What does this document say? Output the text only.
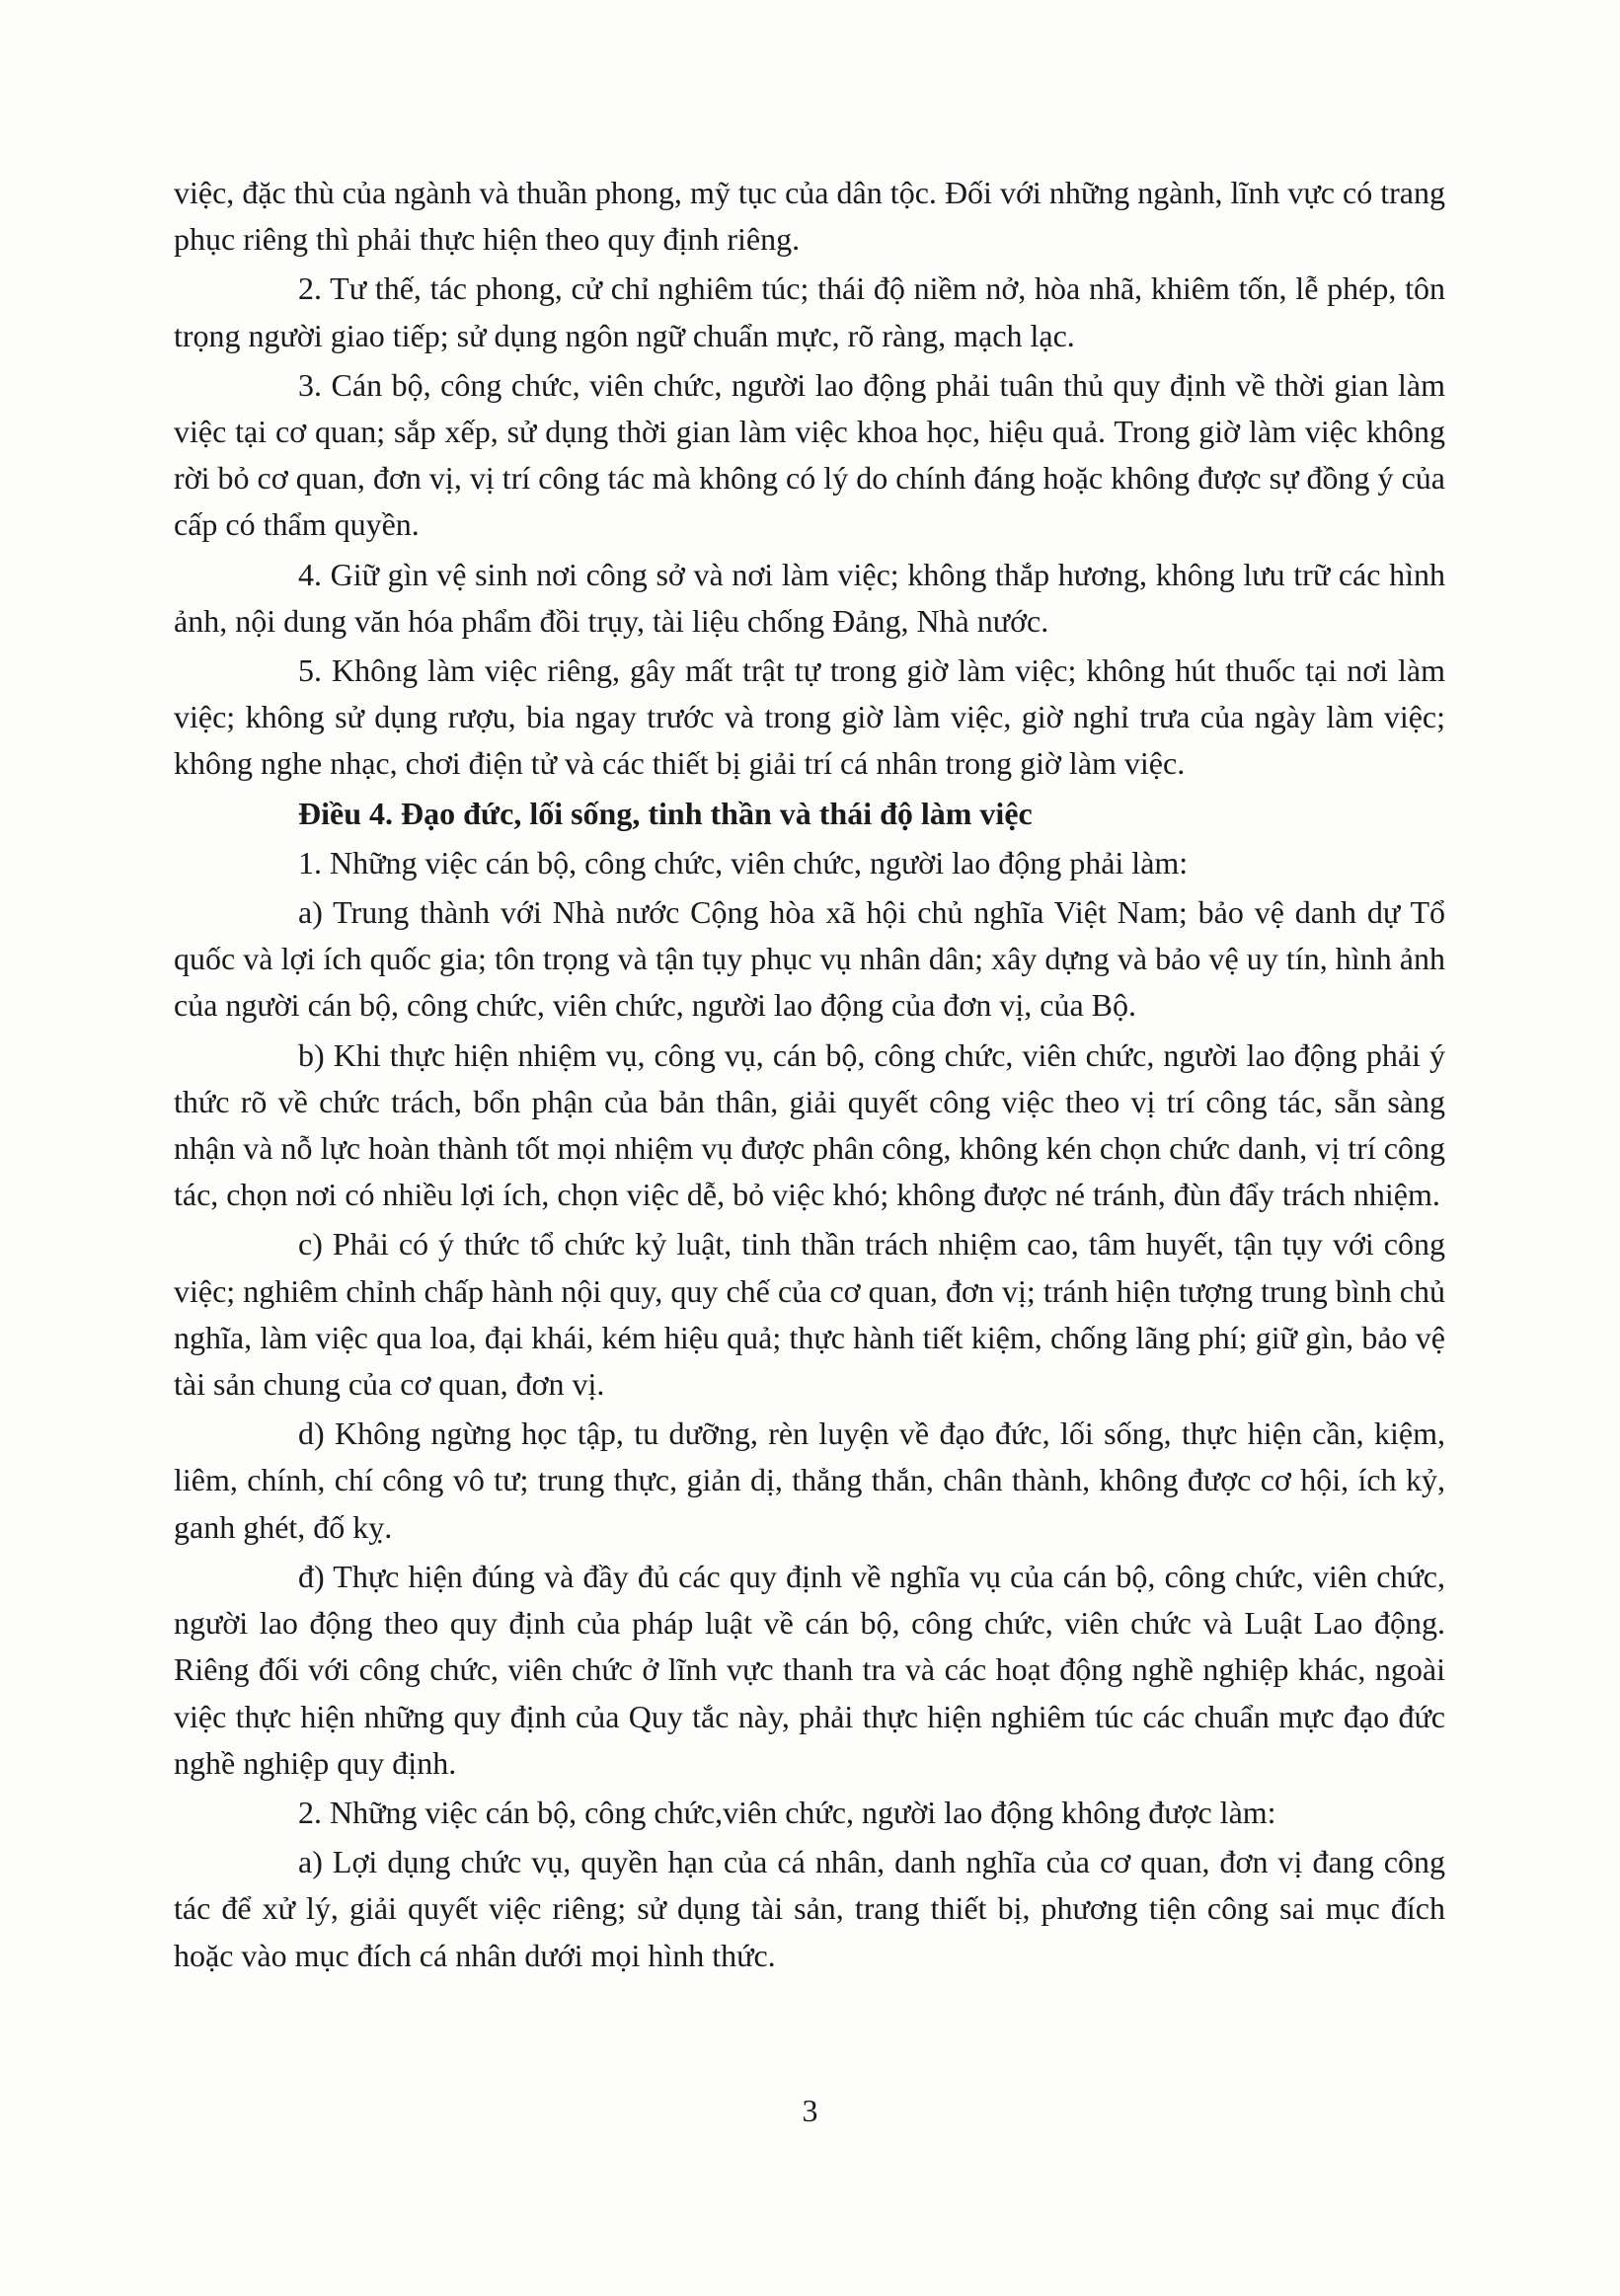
việc, đặc thù của ngành và thuần phong, mỹ tục của dân tộc. Đối với những ngành, lĩnh vực có trang phục riêng thì phải thực hiện theo quy định riêng.

2. Tư thế, tác phong, cử chỉ nghiêm túc; thái độ niềm nở, hòa nhã, khiêm tốn, lễ phép, tôn trọng người giao tiếp; sử dụng ngôn ngữ chuẩn mực, rõ ràng, mạch lạc.

3. Cán bộ, công chức, viên chức, người lao động phải tuân thủ quy định về thời gian làm việc tại cơ quan; sắp xếp, sử dụng thời gian làm việc khoa học, hiệu quả. Trong giờ làm việc không rời bỏ cơ quan, đơn vị, vị trí công tác mà không có lý do chính đáng hoặc không được sự đồng ý của cấp có thẩm quyền.

4. Giữ gìn vệ sinh nơi công sở và nơi làm việc; không thắp hương, không lưu trữ các hình ảnh, nội dung văn hóa phẩm đồi trụy, tài liệu chống Đảng, Nhà nước.

5. Không làm việc riêng, gây mất trật tự trong giờ làm việc; không hút thuốc tại nơi làm việc; không sử dụng rượu, bia ngay trước và trong giờ làm việc, giờ nghỉ trưa của ngày làm việc; không nghe nhạc, chơi điện tử và các thiết bị giải trí cá nhân trong giờ làm việc.

Điều 4. Đạo đức, lối sống, tinh thần và thái độ làm việc

1. Những việc cán bộ, công chức, viên chức, người lao động phải làm:

a) Trung thành với Nhà nước Cộng hòa xã hội chủ nghĩa Việt Nam; bảo vệ danh dự Tổ quốc và lợi ích quốc gia; tôn trọng và tận tụy phục vụ nhân dân; xây dựng và bảo vệ uy tín, hình ảnh của người cán bộ, công chức, viên chức, người lao động của đơn vị, của Bộ.

b) Khi thực hiện nhiệm vụ, công vụ, cán bộ, công chức, viên chức, người lao động phải ý thức rõ về chức trách, bổn phận của bản thân, giải quyết công việc theo vị trí công tác, sẵn sàng nhận và nỗ lực hoàn thành tốt mọi nhiệm vụ được phân công, không kén chọn chức danh, vị trí công tác, chọn nơi có nhiều lợi ích, chọn việc dễ, bỏ việc khó; không được né tránh, đùn đẩy trách nhiệm.

c) Phải có ý thức tổ chức kỷ luật, tinh thần trách nhiệm cao, tâm huyết, tận tụy với công việc; nghiêm chỉnh chấp hành nội quy, quy chế của cơ quan, đơn vị; tránh hiện tượng trung bình chủ nghĩa, làm việc qua loa, đại khái, kém hiệu quả; thực hành tiết kiệm, chống lãng phí; giữ gìn, bảo vệ tài sản chung của cơ quan, đơn vị.

d) Không ngừng học tập, tu dưỡng, rèn luyện về đạo đức, lối sống, thực hiện cần, kiệm, liêm, chính, chí công vô tư; trung thực, giản dị, thẳng thắn, chân thành, không được cơ hội, ích kỷ, ganh ghét, đố kỵ.

đ) Thực hiện đúng và đầy đủ các quy định về nghĩa vụ của cán bộ, công chức, viên chức, người lao động theo quy định của pháp luật về cán bộ, công chức, viên chức và Luật Lao động. Riêng đối với công chức, viên chức ở lĩnh vực thanh tra và các hoạt động nghề nghiệp khác, ngoài việc thực hiện những quy định của Quy tắc này, phải thực hiện nghiêm túc các chuẩn mực đạo đức nghề nghiệp quy định.

2. Những việc cán bộ, công chức,viên chức, người lao động không được làm:

a) Lợi dụng chức vụ, quyền hạn của cá nhân, danh nghĩa của cơ quan, đơn vị đang công tác để xử lý, giải quyết việc riêng; sử dụng tài sản, trang thiết bị, phương tiện công sai mục đích hoặc vào mục đích cá nhân dưới mọi hình thức.

3
